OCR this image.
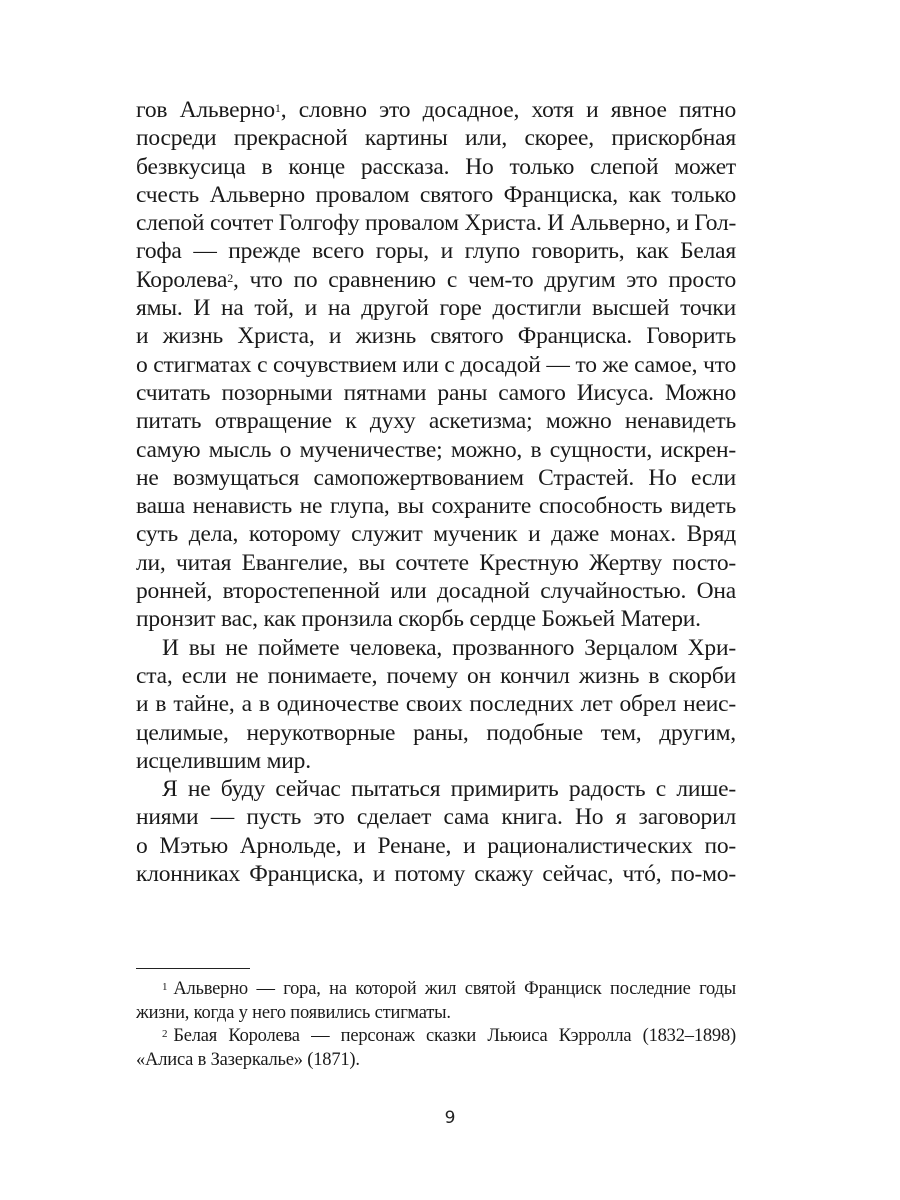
гов Альверно$^1$, словно это досадное, хотя и явное пятно
посреди прекрасной картины или, скорее, прискорбная
безвкусица в конце рассказа. Но только слепой может
счесть Альверно провалом святого Франциска, как только
слепой сочтет Голгофу провалом Христа. И Альверно, и Гол-
гофа — прежде всего горы, и глупо говорить, как Белая
Королева$^2$, что по сравнению с чем-то другим это просто
ямы. И на той, и на другой горе достигли высшей точки
и жизнь Христа, и жизнь святого Франциска. Говорить
о стигматах с сочувствием или с досадой — то же самое, что
считать позорными пятнами раны самого Иисуса. Можно
питать отвращение к духу аскетизма; можно ненавидеть
самую мысль о мученичестве; можно, в сущности, искрен-
не возмущаться самопожертвованием Страстей. Но если
ваша ненависть не глупа, вы сохраните способность видеть
суть дела, которому служит мученик и даже монах. Вряд
ли, читая Евангелие, вы сочтете Крестную Жертву посто-
ронней, второстепенной или досадной случайностью. Она
пронзит вас, как пронзила скорбь сердце Божьей Матери.
И вы не поймете человека, прозванного Зерцалом Хри-
ста, если не понимаете, почему он кончил жизнь в скорби
и в тайне, а в одиночестве своих последних лет обрел неис-
целимые, нерукотворные раны, подобные тем, другим,
исцелившим мир.
Я не буду сейчас пытаться примирить радость с лише-
ниями — пусть это сделает сама книга. Но я заговорил
о Мэтью Арнольде, и Ренане, и рационалистических по-
клонниках Франциска, и потому скажу сейчас, чтó, по-мо-
$^1$ Альверно — гора, на которой жил святой Франциск последние годы
жизни, когда у него появились стигматы.
$^2$ Белая Королева — персонаж сказки Льюиса Кэрролла (1832–1898)
«Алиса в Зазеркалье» (1871).
9
